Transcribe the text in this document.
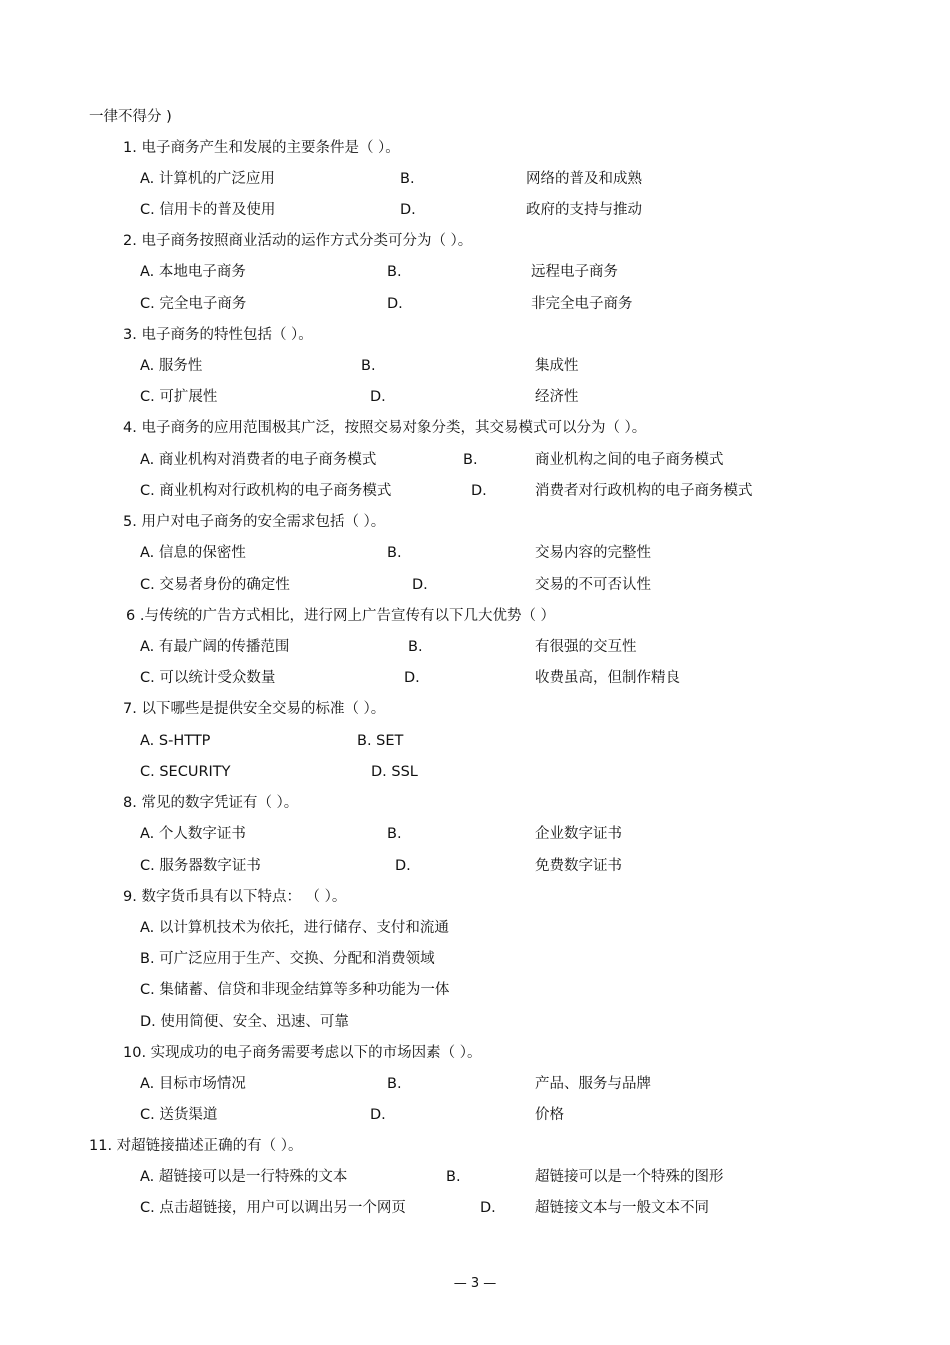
一律不得分 )
1. 电子商务产生和发展的主要条件是（ ）。
A. 计算机的广泛应用	B.	网络的普及和成熟
C. 信用卡的普及使用	D.	政府的支持与推动
2. 电子商务按照商业活动的运作方式分类可分为（ ）。
A. 本地电子商务	B.	远程电子商务
C. 完全电子商务	D.	非完全电子商务
3. 电子商务的特性包括（ ）。
A. 服务性	B.	集成性
C. 可扩展性	D.	经济性
4. 电子商务的应用范围极其广泛，按照交易对象分类，其交易模式可以分为（ ）。
A. 商业机构对消费者的电子商务模式	B.	商业机构之间的电子商务模式
C. 商业机构对行政机构的电子商务模式	D.	消费者对行政机构的电子商务模式
5. 用户对电子商务的安全需求包括（ ）。
A. 信息的保密性	B.	交易内容的完整性
C. 交易者身份的确定性	D.	交易的不可否认性
6 .与传统的广告方式相比，进行网上广告宣传有以下几大优势（ ）
A. 有最广阔的传播范围	B.	有很强的交互性
C. 可以统计受众数量	D.	收费虽高，但制作精良
7. 以下哪些是提供安全交易的标准（ ）。
A. S-HTTP	B. SET
C. SECURITY	D. SSL
8. 常见的数字凭证有（ ）。
A. 个人数字证书	B.	企业数字证书
C. 服务器数字证书	D.	免费数字证书
9. 数字货币具有以下特点： （ ）。
A. 以计算机技术为依托，进行储存、支付和流通
B. 可广泛应用于生产、交换、分配和消费领域
C. 集储蓄、信贷和非现金结算等多种功能为一体
D. 使用简便、安全、迅速、可靠
10. 实现成功的电子商务需要考虑以下的市场因素（ ）。
A. 目标市场情况	B.	产品、服务与品牌
C. 送货渠道	D.	价格
11. 对超链接描述正确的有（ ）。
A. 超链接可以是一行特殊的文本	B.	超链接可以是一个特殊的图形
C. 点击超链接，用户可以调出另一个网页	D.	超链接文本与一般文本不同
— 3 —
